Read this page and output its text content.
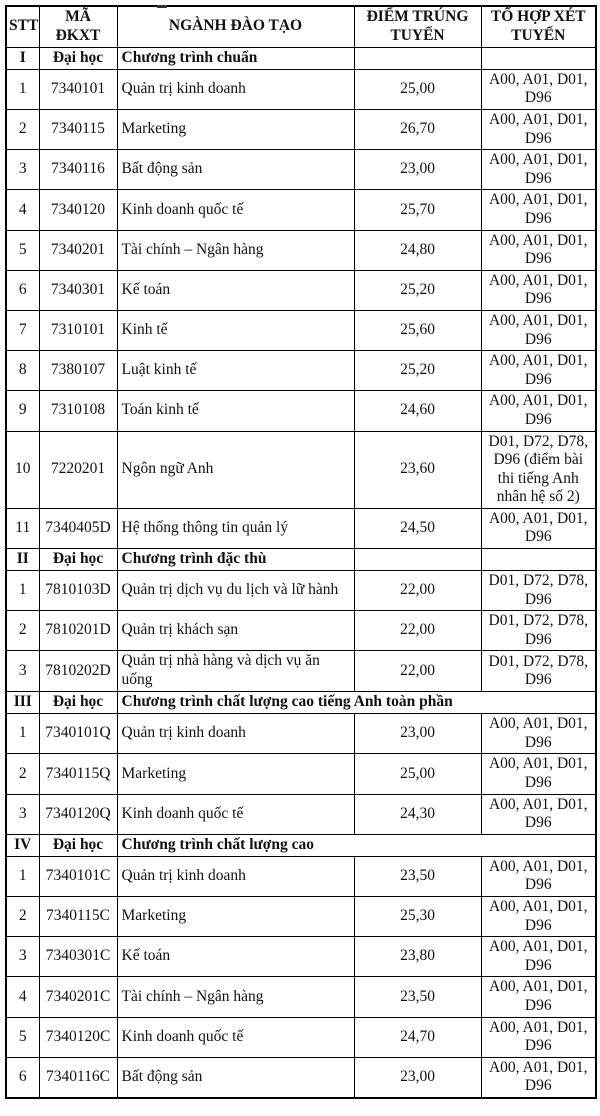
STT	MÃ ĐKXT	NGÀNH ĐÀO TẠO	ĐIỂM TRÚNG TUYỂN	TỔ HỢP XÉT TUYỂN
I	Đại học	Chương trình chuẩn		
1	7340101	Quản trị kinh doanh	25,00	A00, A01, D01, D96
2	7340115	Marketing	26,70	A00, A01, D01, D96
3	7340116	Bất động sản	23,00	A00, A01, D01, D96
4	7340120	Kinh doanh quốc tế	25,70	A00, A01, D01, D96
5	7340201	Tài chính – Ngân hàng	24,80	A00, A01, D01, D96
6	7340301	Kế toán	25,20	A00, A01, D01, D96
7	7310101	Kinh tế	25,60	A00, A01, D01, D96
8	7380107	Luật kinh tế	25,20	A00, A01, D01, D96
9	7310108	Toán kinh tế	24,60	A00, A01, D01, D96
10	7220201	Ngôn ngữ Anh	23,60	D01, D72, D78, D96 (điểm bài thi tiếng Anh nhân hệ số 2)
11	7340405D	Hệ thống thông tin quản lý	24,50	A00, A01, D01, D96
II	Đại học	Chương trình đặc thù		
1	7810103D	Quản trị dịch vụ du lịch và lữ hành	22,00	D01, D72, D78, D96
2	7810201D	Quản trị khách sạn	22,00	D01, D72, D78, D96
3	7810202D	Quản trị nhà hàng và dịch vụ ăn uống	22,00	D01, D72, D78, D96
III	Đại học	Chương trình chất lượng cao tiếng Anh toàn phần		
1	7340101Q	Quản trị kinh doanh	23,00	A00, A01, D01, D96
2	7340115Q	Marketing	25,00	A00, A01, D01, D96
3	7340120Q	Kinh doanh quốc tế	24,30	A00, A01, D01, D96
IV	Đại học	Chương trình chất lượng cao		
1	7340101C	Quản trị kinh doanh	23,50	A00, A01, D01, D96
2	7340115C	Marketing	25,30	A00, A01, D01, D96
3	7340301C	Kế toán	23,80	A00, A01, D01, D96
4	7340201C	Tài chính – Ngân hàng	23,50	A00, A01, D01, D96
5	7340120C	Kinh doanh quốc tế	24,70	A00, A01, D01, D96
6	7340116C	Bất động sản	23,00	A00, A01, D01, D96
